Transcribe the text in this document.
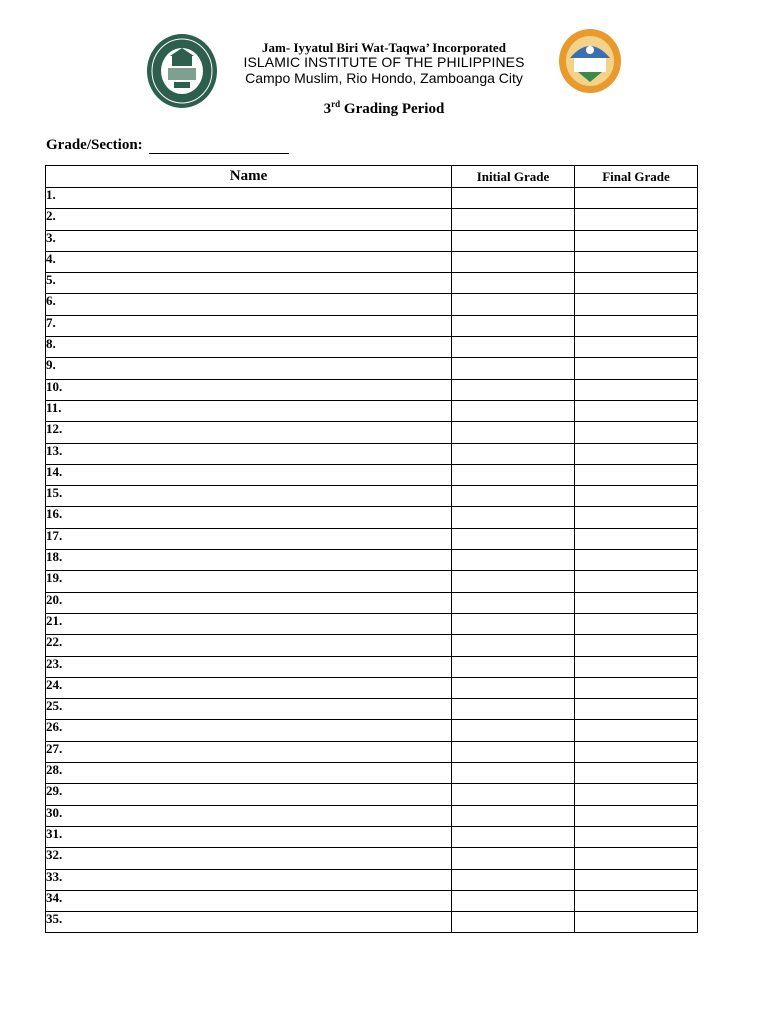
Jam- Iyyatul Biri Wat-Taqwa’ Incorporated
ISLAMIC INSTITUTE OF THE PHILIPPINES
Campo Muslim, Rio Hondo, Zamboanga City
3rd Grading Period
Grade/Section:
Name	Initial Grade	Final Grade
1.		
2.		
3.		
4.		
5.		
6.		
7.		
8.		
9.		
10.		
11.		
12.		
13.		
14.		
15.		
16.		
17.		
18.		
19.		
20.		
21.		
22.		
23.		
24.		
25.		
26.		
27.		
28.		
29.		
30.		
31.		
32.		
33.		
34.		
35.		
